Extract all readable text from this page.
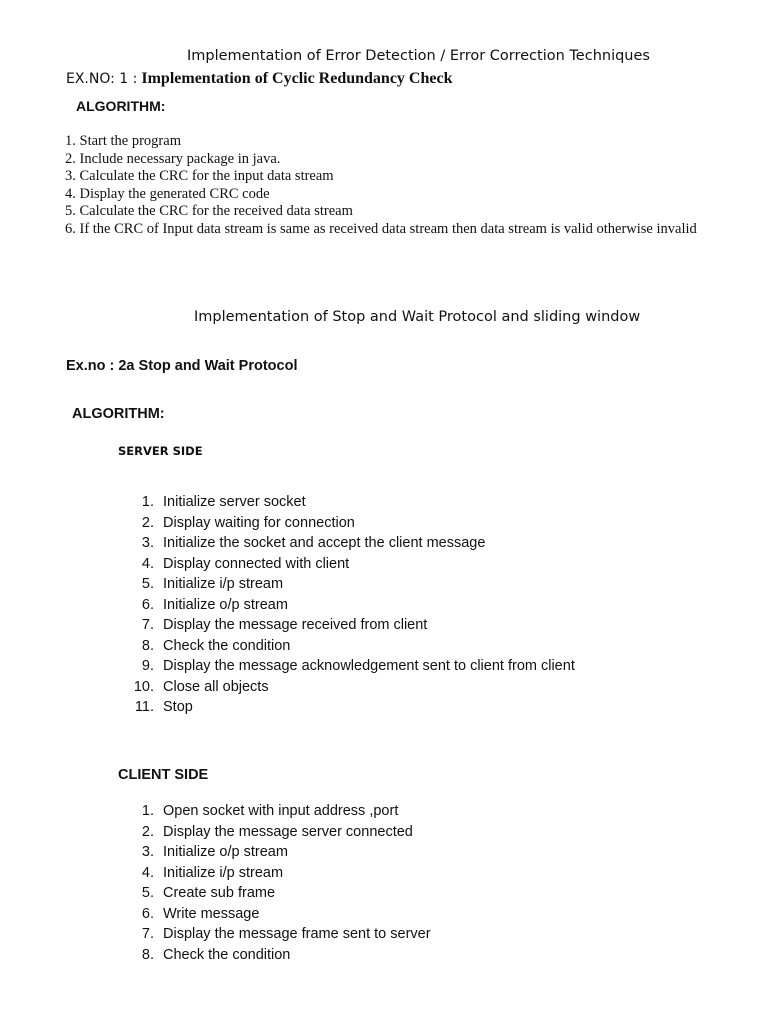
Implementation of Error Detection / Error Correction Techniques
EX.NO: 1 : Implementation of Cyclic Redundancy Check
ALGORITHM:
1. Start the program
2. Include necessary package in java.
3. Calculate the CRC for the input data stream
4. Display the generated CRC code
5. Calculate the CRC for the received data stream
6. If the CRC of Input data stream is same as received data stream then data stream is valid otherwise invalid
Implementation of Stop and Wait Protocol and sliding window
Ex.no : 2a Stop and Wait Protocol
ALGORITHM:
SERVER SIDE
1. Initialize server socket
2. Display waiting for connection
3. Initialize the socket and accept the client message
4. Display connected with client
5. Initialize i/p stream
6. Initialize o/p stream
7. Display the message received from client
8. Check the condition
9. Display the message acknowledgement sent to client from client
10. Close all objects
11. Stop
CLIENT SIDE
1. Open socket with input address ,port
2. Display the message server connected
3. Initialize o/p stream
4. Initialize i/p stream
5. Create sub frame
6. Write message
7. Display the message frame sent to server
8. Check the condition
